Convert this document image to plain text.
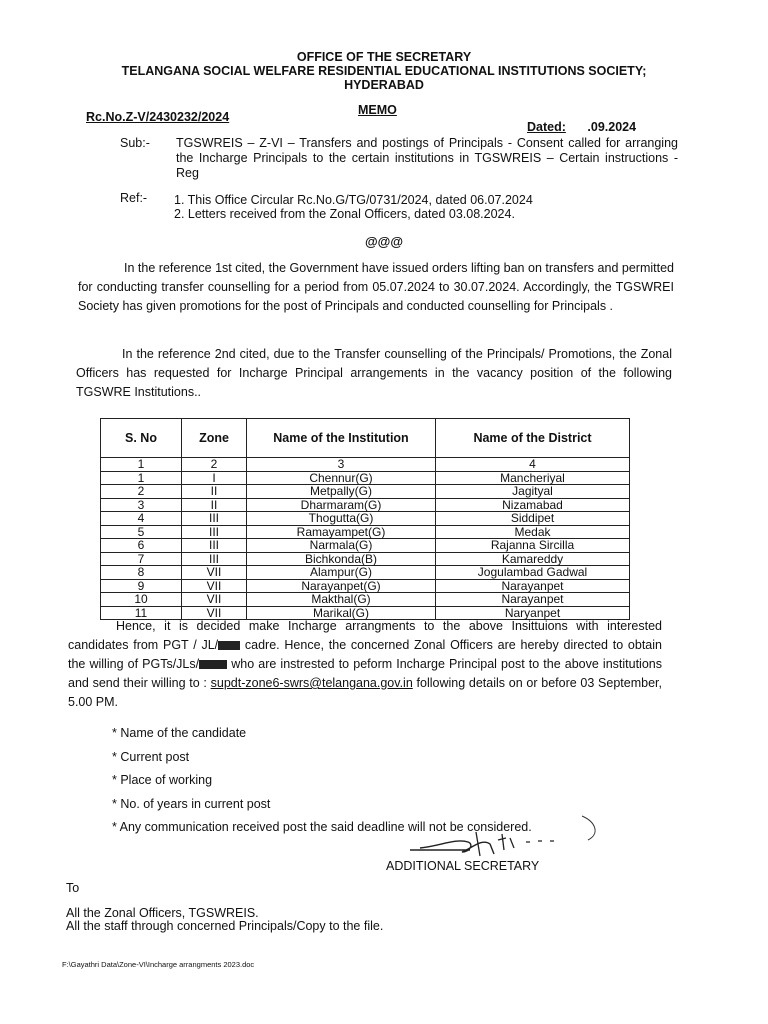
OFFICE OF THE SECRETARY
TELANGANA SOCIAL WELFARE RESIDENTIAL EDUCATIONAL INSTITUTIONS SOCIETY;
HYDERABAD
MEMO
Rc.No.Z-V/2430232/2024
Dated: .09.2024
Sub:- TGSWREIS – Z-VI – Transfers and postings of Principals - Consent called for arranging the Incharge Principals to the certain institutions in TGSWREIS – Certain instructions - Reg
Ref:- 1. This Office Circular Rc.No.G/TG/0731/2024, dated 06.07.2024
2. Letters received from the Zonal Officers, dated 03.08.2024.
@@@
In the reference 1st cited, the Government have issued orders lifting ban on transfers and permitted for conducting transfer counselling for a period from 05.07.2024 to 30.07.2024. Accordingly, the TGSWREI Society has given promotions for the post of Principals and conducted counselling for Principals .
In the reference 2nd cited, due to the Transfer counselling of the Principals/ Promotions, the Zonal Officers has requested for Incharge Principal arrangements in the vacancy position of the following TGSWRE Institutions..
S. No	Zone	Name of the Institution	Name of the District
1	2	3	4
1	I	Chennur(G)	Mancheriyal
2	II	Metpally(G)	Jagityal
3	II	Dharmaram(G)	Nizamabad
4	III	Thogutta(G)	Siddipet
5	III	Ramayampet(G)	Medak
6	III	Narmala(G)	Rajanna Sircilla
7	III	Bichkonda(B)	Kamareddy
8	VII	Alampur(G)	Jogulambad Gadwal
9	VII	Narayanpet(G)	Narayanpet
10	VII	Makthal(G)	Narayanpet
11	VII	Marikal(G)	Naryanpet
Hence, it is decided make Incharge arrangments to the above Insittuions with interested candidates from PGT / JL/ cadre. Hence, the concerned Zonal Officers are hereby directed to obtain the willing of PGTs/JLs/ who are instrested to peform Incharge Principal post to the above institutions and send their willing to : supdt-zone6-swrs@telangana.gov.in following details on or before 03 September, 5.00 PM.
* Name of the candidate
* Current post
* Place of working
* No. of years in current post
* Any communication received post the said deadline will not be considered.
ADDITIONAL SECRETARY
To
All the Zonal Officers, TGSWREIS.
All the staff through concerned Principals/Copy to the file.
F:\Gayathri Data\Zone-VI\Incharge arrangments 2023.doc
